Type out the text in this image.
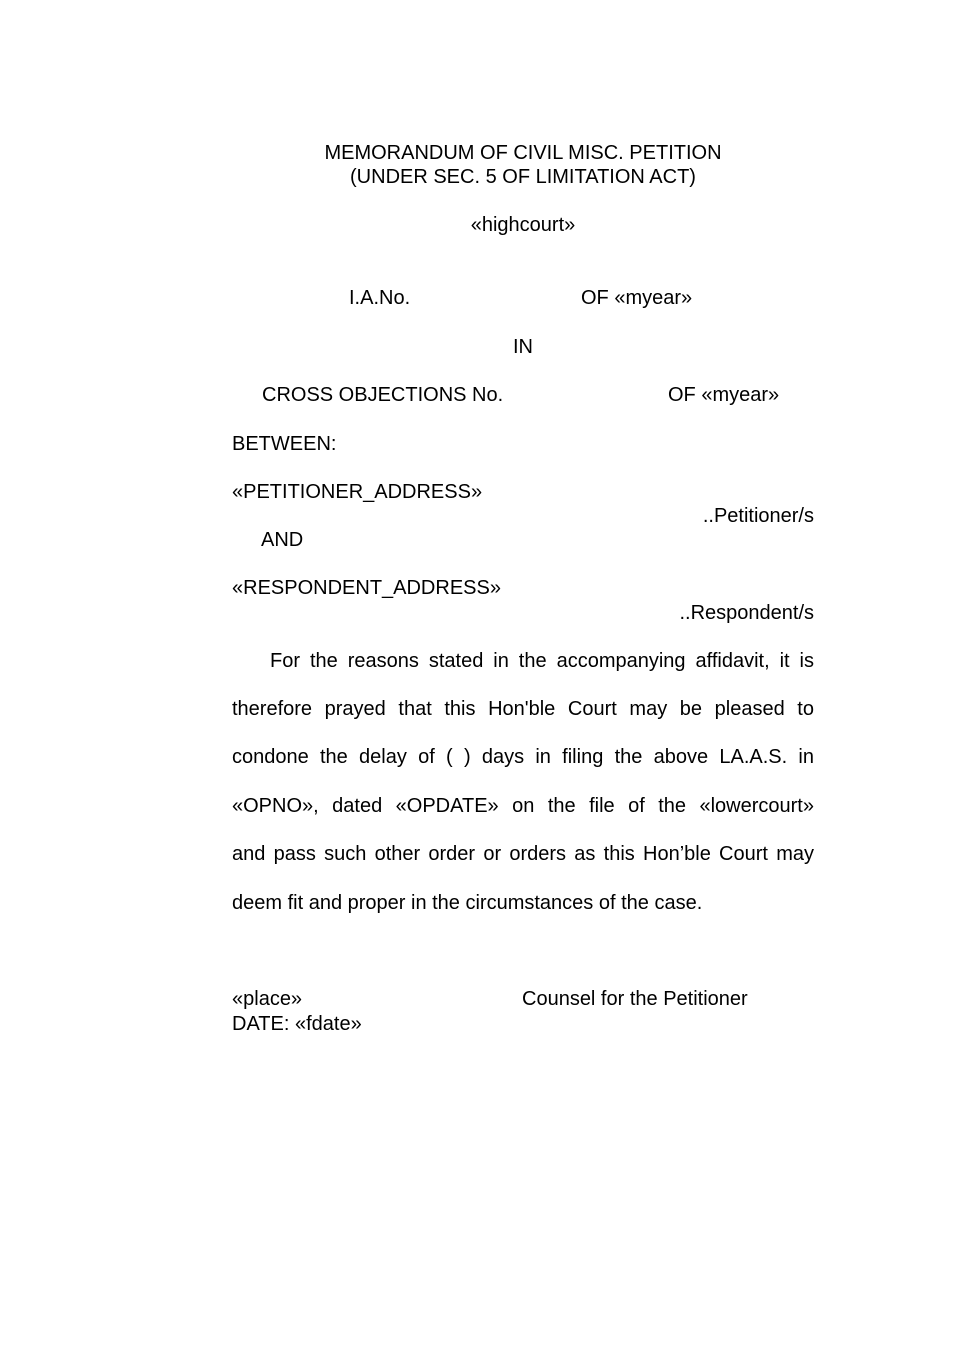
MEMORANDUM OF CIVIL MISC. PETITION
(UNDER SEC. 5 OF LIMITATION ACT)
«highcourt»
I.A.No.	OF «myear»
IN
CROSS OBJECTIONS No.	OF «myear»
BETWEEN:
«PETITIONER_ADDRESS»
..Petitioner/s
AND
«RESPONDENT_ADDRESS»
..Respondent/s
For the reasons stated in the accompanying affidavit, it is
therefore prayed that this Hon'ble Court may be pleased to
condone the delay of ( ) days in filing the above LA.A.S. in
«OPNO», dated «OPDATE» on the file of the «lowercourt»
and pass such other order or orders as this Hon’ble Court may
deem fit and proper in the circumstances of the case.
«place»	Counsel for the Petitioner
DATE: «fdate»
